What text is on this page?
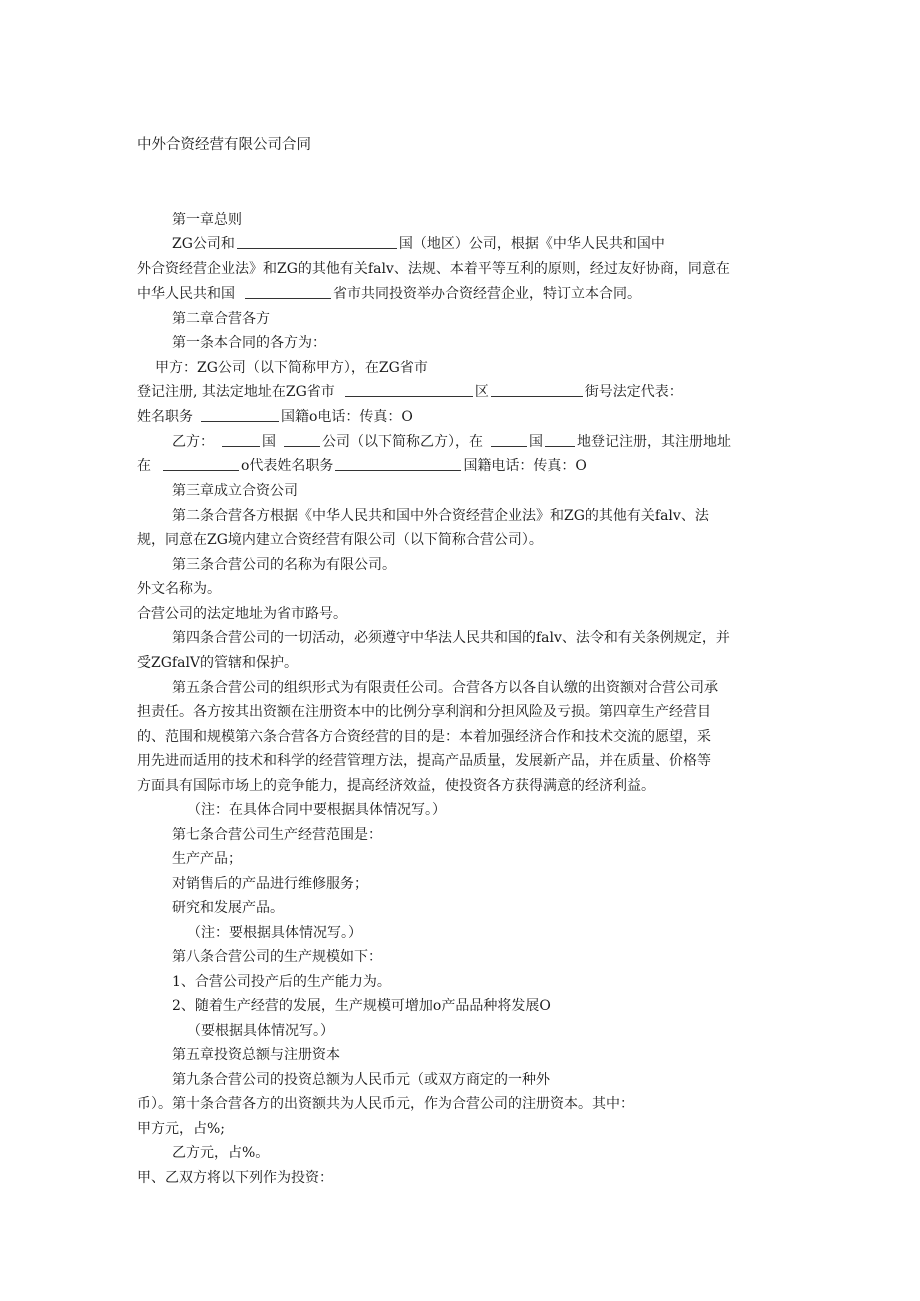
中外合资经营有限公司合同
第一章总则
ZG公司和	国（地区）公司，根据《中华人民共和国中
外合资经营企业法》和ZG的其他有关falv、法规、本着平等互利的原则，经过友好协商，同意在
中华人民共和国	省市共同投资举办合资经营企业，特订立本合同。
第二章合营各方
第一条本合同的各方为：
甲方：ZG公司（以下简称甲方），在ZG省市
登记注册, 其法定地址在ZG省市	区	街号法定代表：
姓名职务	国籍o电话：传真：O
乙方：	国	公司（以下简称乙方），在	国 地登记注册，其注册地址
在	o代表姓名职务	国籍电话：传真：O
第三章成立合资公司
第二条合营各方根据《中华人民共和国中外合资经营企业法》和ZG的其他有关falv、法
规，同意在ZG境内建立合资经营有限公司（以下简称合营公司）。
第三条合营公司的名称为有限公司。
外文名称为。
合营公司的法定地址为省市路号。
第四条合营公司的一切活动，必须遵守中华法人民共和国的falv、法令和有关条例规定，并
受ZGfalV的管辖和保护。
第五条合营公司的组织形式为有限责任公司。合营各方以各自认缴的出资额对合营公司承
担责任。各方按其出资额在注册资本中的比例分享利润和分担风险及亏损。第四章生产经营目
的、范围和规模第六条合营各方合资经营的目的是：本着加强经济合作和技术交流的愿望，采
用先进而适用的技术和科学的经营管理方法，提高产品质量，发展新产品，并在质量、价格等
方面具有国际市场上的竞争能力，提高经济效益，使投资各方获得满意的经济利益。
（注：在具体合同中要根据具体情况写。）
第七条合营公司生产经营范围是：
生产产品；
对销售后的产品进行维修服务；
研究和发展产品。
（注：要根据具体情况写。）
第八条合营公司的生产规模如下：
1、合营公司投产后的生产能力为。
2、随着生产经营的发展，生产规模可增加o产品品种将发展O
（要根据具体情况写。）
第五章投资总额与注册资本
第九条合营公司的投资总额为人民币元（或双方商定的一种外
币）。第十条合营各方的出资额共为人民币元，作为合营公司的注册资本。其中：
甲方元，占%;
乙方元，占%。
甲、乙双方将以下列作为投资：
